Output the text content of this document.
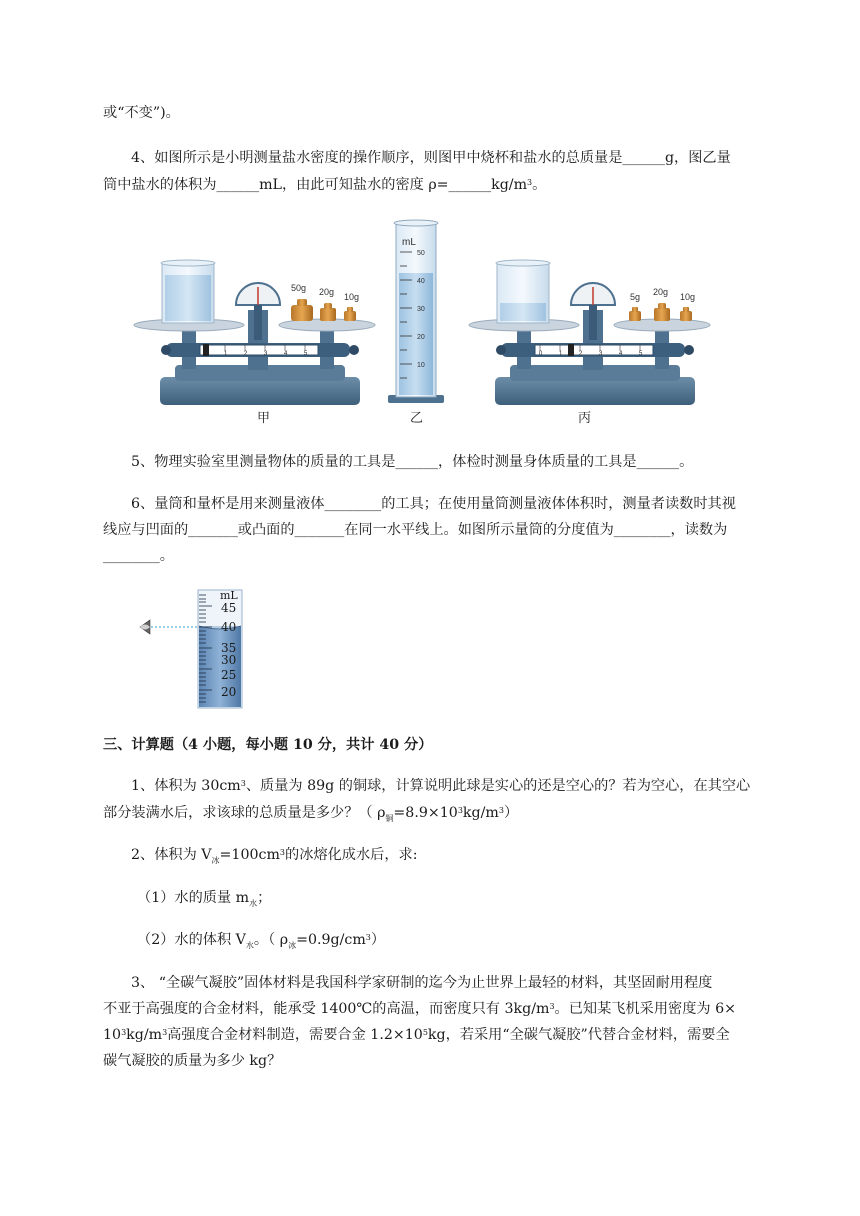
或“不变”)。
4、如图所示是小明测量盐水密度的操作顺序，则图甲中烧杯和盐水的总质量是______g，图乙量
筒中盐水的体积为______mL，由此可知盐水的密度 $\rho=\_\_\_\_\_\_kg/m^3$。
50g 20g 10g
0	1	2	3	4	5
mL
50
40
30
20
10
5g 20g 10g
0	1	2	3	4	5
甲	乙	丙
5、物理实验室里测量物体的质量的工具是______，体检时测量身体质量的工具是______。
6、量筒和量杯是用来测量液体________的工具；在使用量筒测量液体体积时，测量者读数时其视
线应与凹面的_______或凸面的_______在同一水平线上。如图所示量筒的分度值为________，读数为
________。
mL
45
40
35
30
25
20
三、计算题（4 小题，每小题 10 分，共计 40 分）
1、体积为 $30cm^3$、质量为 89g 的铜球，计算说明此球是实心的还是空心的？若为空心，在其空心
部分装满水后，求该球的总质量是多少？（ $\rho_铜=8.9\times 10^3kg/m^3$）
2、体积为 $V_冰=100cm^3$的冰熔化成水后，求:
（1）水的质量 $m_水$；
（2）水的体积 $V_水$。（ $\rho_冰=0.9g/cm^3$）
3、 “全碳气凝胶”固体材料是我国科学家研制的迄今为止世界上最轻的材料，其坚固耐用程度
不亚于高强度的合金材料，能承受 1400℃的高温，而密度只有 $3kg/m^3$。已知某飞机采用密度为 6×
$10^3kg/m^3$高强度合金材料制造，需要合金 $1.2\times 10^5kg$，若采用“全碳气凝胶”代替合金材料，需要全
碳气凝胶的质量为多少 kg？
